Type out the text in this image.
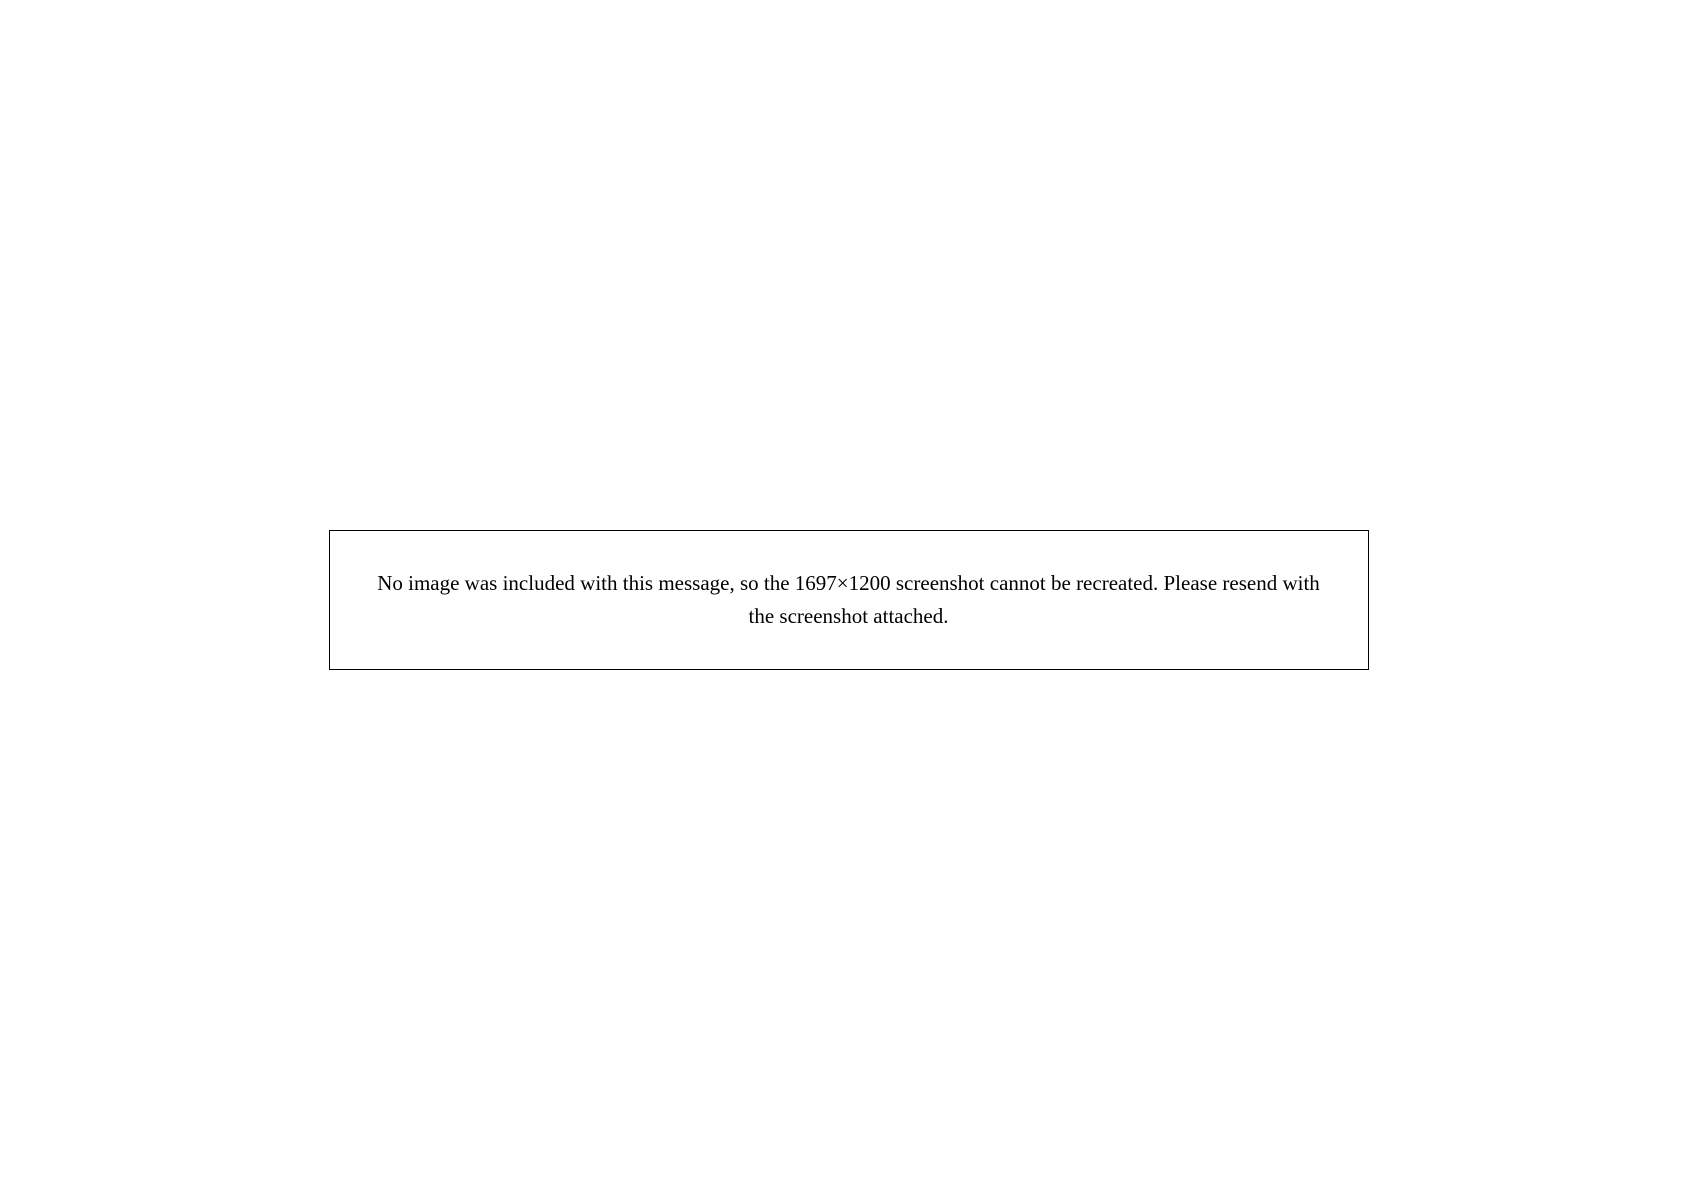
No image was included with this message, so the 1697×1200 screenshot cannot be recreated. Please resend with the screenshot attached.
